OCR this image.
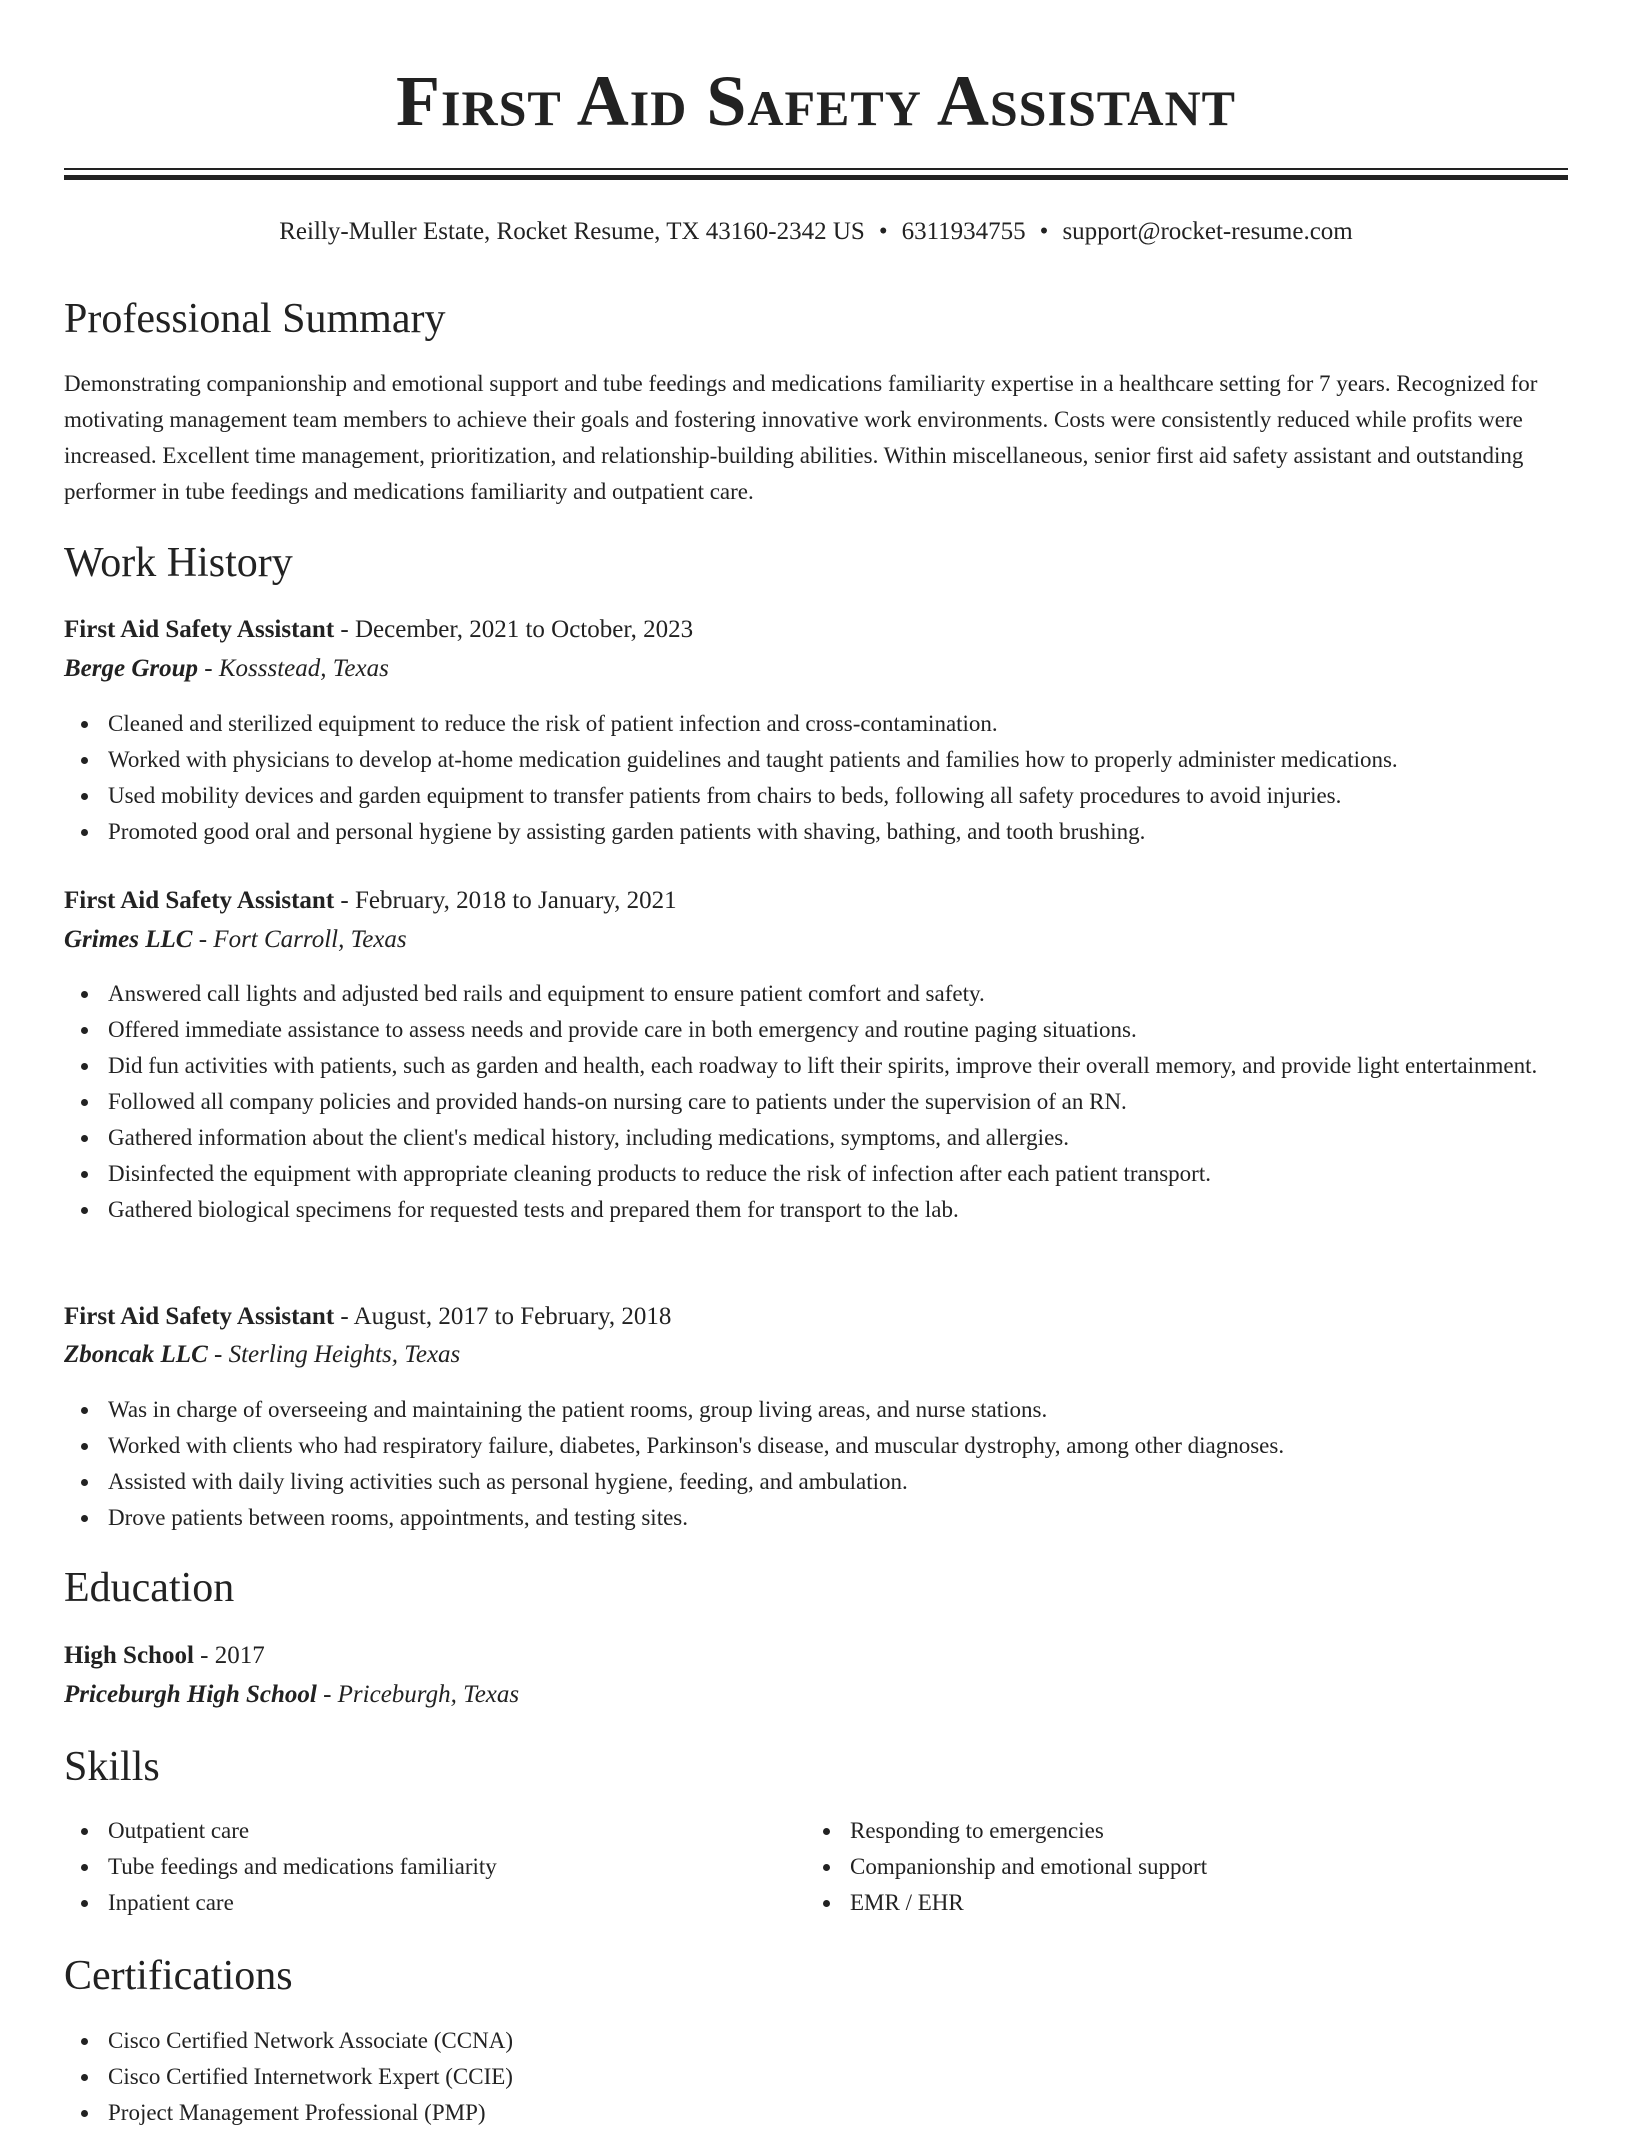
First Aid Safety Assistant
Reilly-Muller Estate, Rocket Resume, TX 43160-2342 US • 6311934755 • support@rocket-resume.com
Professional Summary

Demonstrating companionship and emotional support and tube feedings and medications familiarity expertise in a healthcare setting for 7 years. Recognized for motivating management team members to achieve their goals and fostering innovative work environments. Costs were consistently reduced while profits were increased. Excellent time management, prioritization, and relationship-building abilities. Within miscellaneous, senior first aid safety assistant and outstanding performer in tube feedings and medications familiarity and outpatient care.

Work History
First Aid Safety Assistant - December, 2021 to October, 2023
Berge Group - Kossstead, Texas
Cleaned and sterilized equipment to reduce the risk of patient infection and cross-contamination.
Worked with physicians to develop at-home medication guidelines and taught patients and families how to properly administer medications.
Used mobility devices and garden equipment to transfer patients from chairs to beds, following all safety procedures to avoid injuries.
Promoted good oral and personal hygiene by assisting garden patients with shaving, bathing, and tooth brushing.
First Aid Safety Assistant - February, 2018 to January, 2021
Grimes LLC - Fort Carroll, Texas
Answered call lights and adjusted bed rails and equipment to ensure patient comfort and safety.
Offered immediate assistance to assess needs and provide care in both emergency and routine paging situations.
Did fun activities with patients, such as garden and health, each roadway to lift their spirits, improve their overall memory, and provide light entertainment.
Followed all company policies and provided hands-on nursing care to patients under the supervision of an RN.
Gathered information about the client's medical history, including medications, symptoms, and allergies.
Disinfected the equipment with appropriate cleaning products to reduce the risk of infection after each patient transport.
Gathered biological specimens for requested tests and prepared them for transport to the lab.
First Aid Safety Assistant - August, 2017 to February, 2018
Zboncak LLC - Sterling Heights, Texas
Was in charge of overseeing and maintaining the patient rooms, group living areas, and nurse stations.
Worked with clients who had respiratory failure, diabetes, Parkinson's disease, and muscular dystrophy, among other diagnoses.
Assisted with daily living activities such as personal hygiene, feeding, and ambulation.
Drove patients between rooms, appointments, and testing sites.
Education
High School - 2017
Priceburgh High School - Priceburgh, Texas
Skills
Outpatient care
Tube feedings and medications familiarity
Inpatient care
Responding to emergencies
Companionship and emotional support
EMR / EHR
Certifications
Cisco Certified Network Associate (CCNA)
Cisco Certified Internetwork Expert (CCIE)
Project Management Professional (PMP)
